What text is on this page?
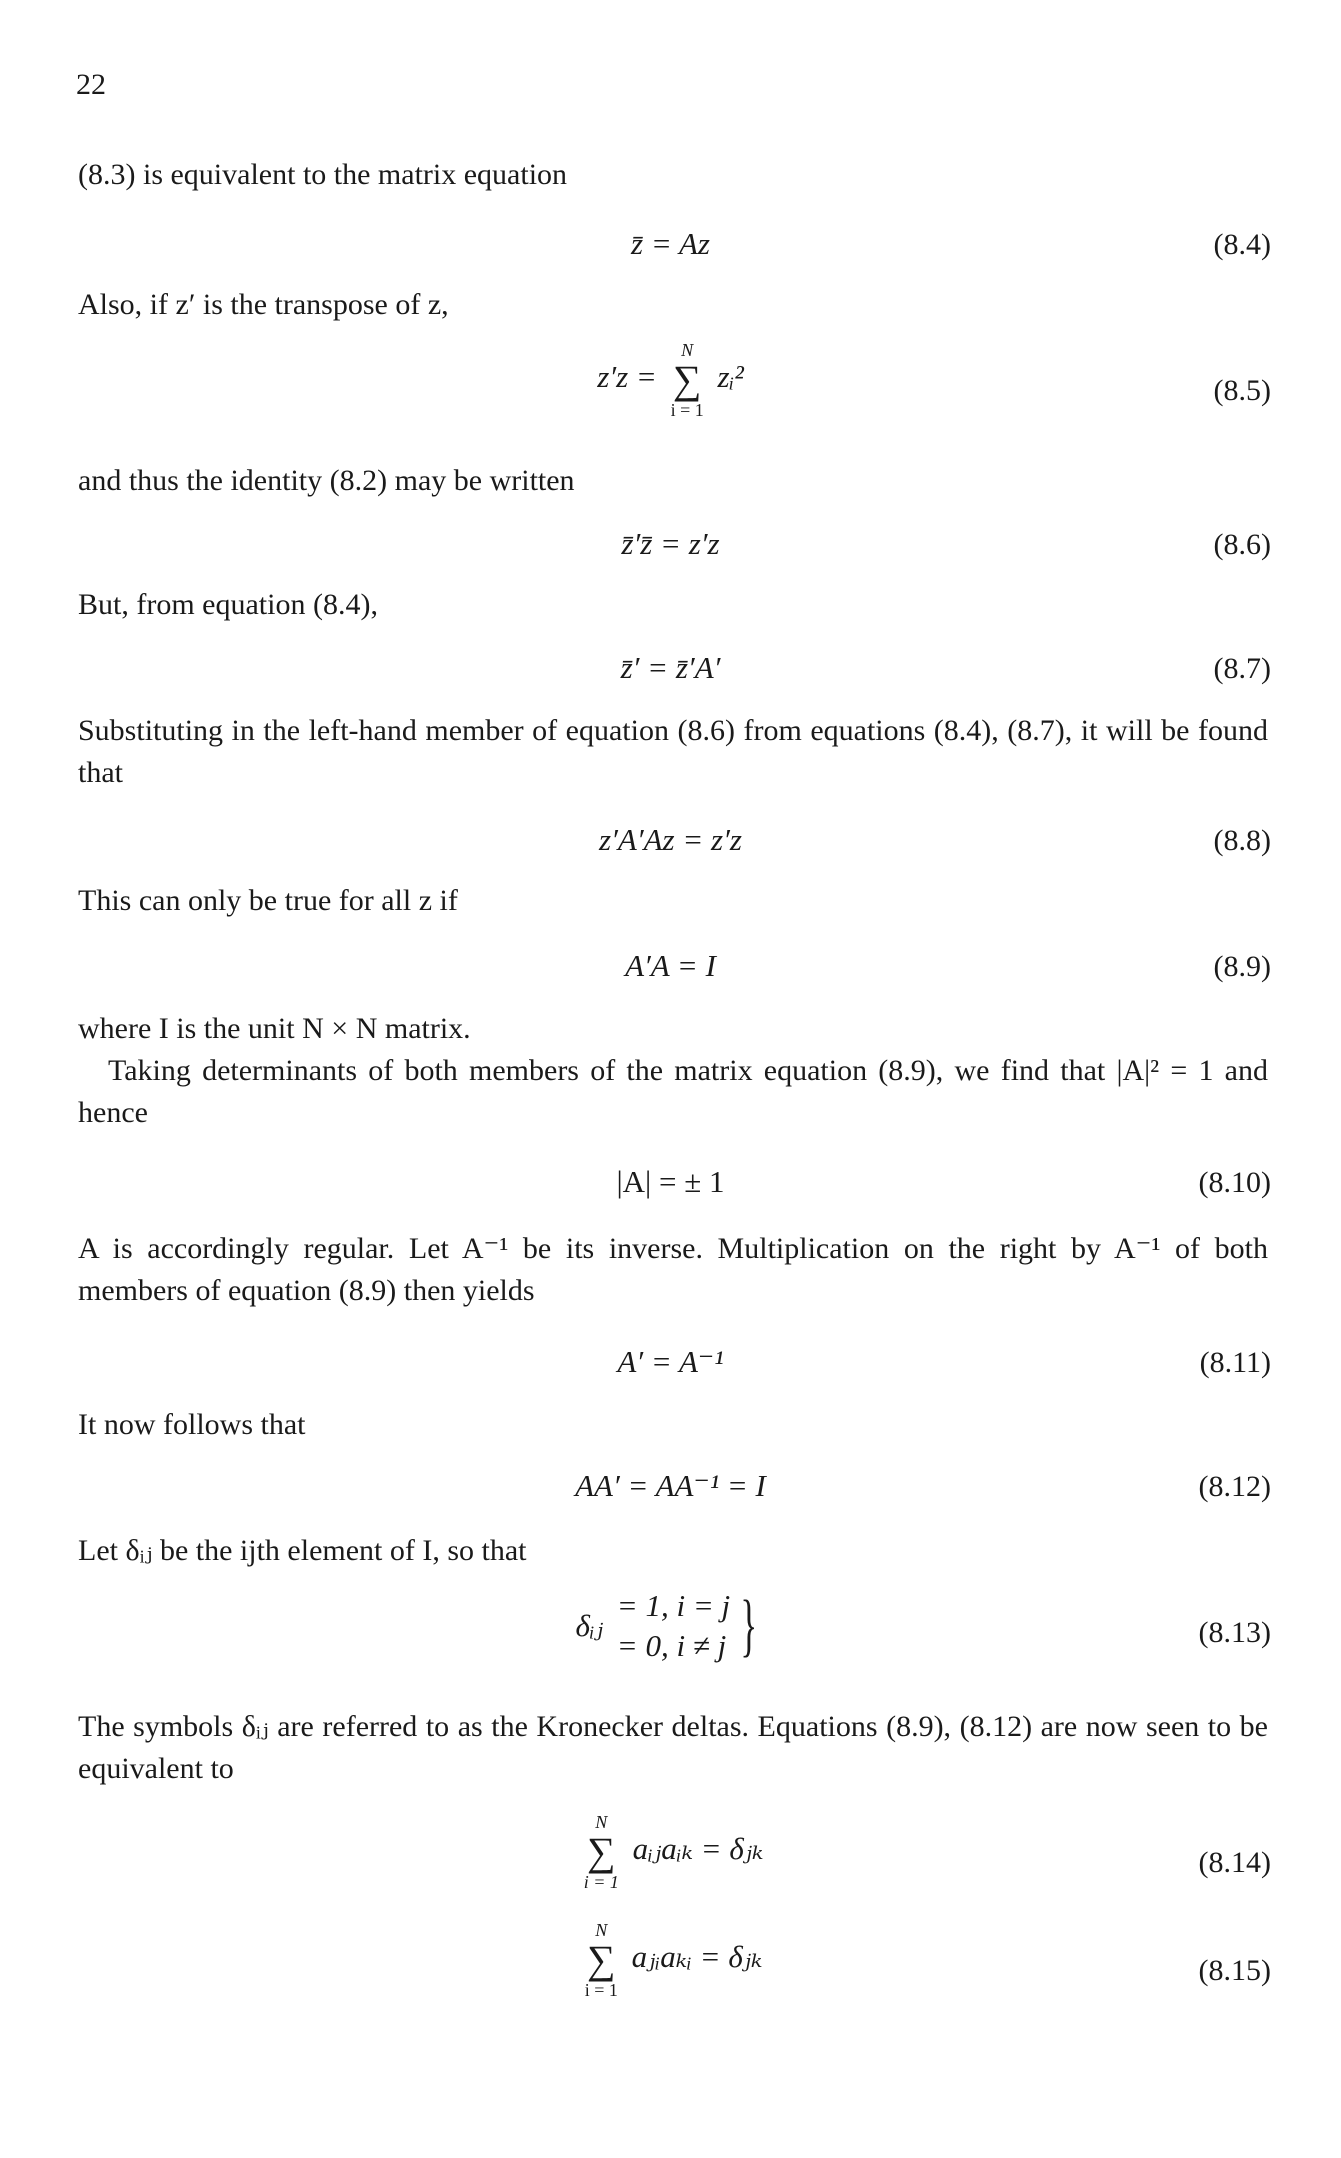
22

(8.3) is equivalent to the matrix equation

z̄ = Az	(8.4)

Also, if z′ is the transpose of z,

z′z =
N
∑
i = 1
zᵢ²	(8.5)

and thus the identity (8.2) may be written

z̄′z̄ = z′z	(8.6)

But, from equation (8.4),

z̄′ = z̄′A′	(8.7)

Substituting in the left-hand member of equation (8.6) from equations (8.4), (8.7), it will be found that

z′A′Az = z′z	(8.8)

This can only be true for all z if

A′A = I	(8.9)

where I is the unit N × N matrix.

Taking determinants of both members of the matrix equation (8.9), we find that |A|² = 1 and hence

|A| = ± 1	(8.10)

A is accordingly regular. Let A⁻¹ be its inverse. Multiplication on the right by A⁻¹ of both members of equation (8.9) then yields

A′ = A⁻¹	(8.11)

It now follows that

AA′ = AA⁻¹ = I	(8.12)

Let δᵢⱼ be the ijth element of I, so that

δᵢⱼ
= 1, i = j
= 0, i ≠ j }	(8.13)

The symbols δᵢⱼ are referred to as the Kronecker deltas. Equations (8.9), (8.12) are now seen to be equivalent to

N
∑
i = 1
aᵢⱼaᵢₖ = δⱼₖ	(8.14)
N
∑
i = 1
aⱼᵢaₖᵢ = δⱼₖ	(8.15)
